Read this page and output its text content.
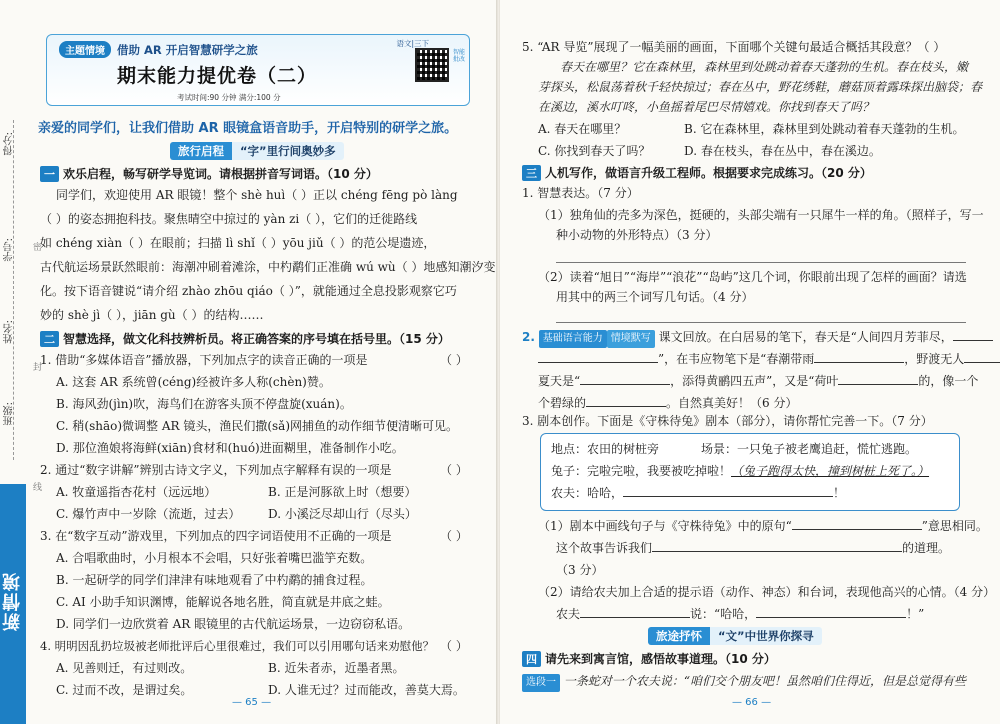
得分:
学号:
姓名:
班级:
新情境
密
封
线
主题情境	借助 AR 开启智慧研学之旅
期末能力提优卷（二）
考试时间:90 分钟 满分:100 分
语文|三下
智能批改
亲爱的同学们，让我们借助 AR 眼镜盒语音助手，开启特别的研学之旅。
旅行启程	“字”里行间奥妙多
一 欢乐启程，畅写研学导览词。请根据拼音写词语。（10 分）
同学们，欢迎使用 AR 眼镜！整个 shè huì（ ）正以 chéng fēng pò làng
（ ）的姿态拥抱科技。聚焦晴空中掠过的 yàn zi（ ），它们的迁徙路线
如 chéng xiàn（ ）在眼前；扫描 lì shǐ（ ）yōu jiǔ（ ）的范公堤遗迹，
古代航运场景跃然眼前：海潮冲刷着滩涂，中杓鹬们正准确 wú wù（ ）地感知潮汐变
化。按下语音键说“请介绍 zhào zhōu qiáo（ ）”，就能通过全息投影观察它巧
妙的 shè jì（ ），jiān gù（ ）的结构……
二 智慧选择，做文化科技辨析员。将正确答案的序号填在括号里。（15 分）
1. 借助“多媒体语音”播放器，下列加点字的读音正确的一项是	（ ）
A. 这套 AR 系统曾(céng)经被许多人称(chèn)赞。
B. 海风劲(jìn)吹，海鸟们在游客头顶不停盘旋(xuán)。
C. 稍(shāo)微调整 AR 镜头，渔民们撒(sǎ)网捕鱼的动作细节便清晰可见。
D. 那位渔娘将海鲜(xiān)食材和(huó)进面糊里，准备制作小吃。
2. 通过“数字讲解”辨别古诗文字义，下列加点字解释有误的一项是	（ ）
A. 牧童遥指杏花村（远远地）	B. 正是河豚欲上时（想要）
C. 爆竹声中一岁除（流逝，过去） D. 小溪泛尽却山行（尽头）
3. 在“数字互动”游戏里，下列加点的四字词语使用不正确的一项是	（ ）
A. 合唱歌曲时，小月根本不会唱，只好张着嘴巴滥竽充数。
B. 一起研学的同学们津津有味地观看了中杓鹬的捕食过程。
C. AI 小助手知识渊博，能解说各地名胜，简直就是井底之蛙。
D. 同学们一边欣赏着 AR 眼镜里的古代航运场景，一边窃窃私语。
4. 明明因乱扔垃圾被老师批评后心里很难过，我们可以引用哪句话来劝慰他？ （ ）
A. 见善则迁，有过则改。	B. 近朱者赤，近墨者黑。
C. 过而不改，是谓过矣。	D. 人谁无过？过而能改，善莫大焉。
— 65 —
5. “AR 导览”展现了一幅美丽的画面，下面哪个关键句最适合概括其段意？（ ）
春天在哪里？它在森林里，森林里到处跳动着春天蓬勃的生机。春在枝头，嫩
芽探头，松鼠荡着秋千轻快掠过；春在丛中，野花绣鞋，蘑菇顶着露珠探出脑袋；春
在溪边，溪水叮咚，小鱼摇着尾巴尽情嬉戏。你找到春天了吗？
A. 春天在哪里？	B. 它在森林里，森林里到处跳动着春天蓬勃的生机。
C. 你找到春天了吗？	D. 春在枝头，春在丛中，春在溪边。
三 人机写作，做语言升级工程师。根据要求完成练习。（20 分）
1. 智慧表达。（7 分）
（1）独角仙的壳多为深色，挺硬的，头部尖端有一只犀牛一样的角。（照样子，写一
种小动物的外形特点）（3 分）
（2）读着“旭日”“海岸”“浪花”“岛屿”这几个词，你眼前出现了怎样的画面？请选
用其中的两三个词写几句话。（4 分）
2. 基础语言能力 情境默写 课文回放。在白居易的笔下，春天是“人间四月芳菲尽，
”，在韦应物笔下是“春潮带雨	，野渡无人
夏天是“	，添得黄鹂四五声”，又是“荷叶	的，像一个
个碧绿的	。自然真美好！（6 分）
3. 剧本创作。下面是《守株待兔》剧本（部分），请你帮忙完善一下。（7 分）
地点：农田的树桩旁	场景：一只兔子被老鹰追赶，慌忙逃跑。
兔子：完啦完啦，我要被吃掉啦！（兔子跑得太快，撞到树桩上死了。）
农夫：哈哈，	！
（1）剧本中画线句子与《守株待兔》中的原句“	”意思相同。
这个故事告诉我们	的道理。
（3 分）
（2）请给农夫加上合适的提示语（动作、神态）和台词，表现他高兴的心情。（4 分）
农夫	说：“哈哈，	！”
旅途抒怀	“文”中世界你探寻
四 请先来到寓言馆，感悟故事道理。（10 分）
选段一 一条蛇对一个农夫说：“咱们交个朋友吧！虽然咱们住得近，但是总觉得有些
— 66 —
